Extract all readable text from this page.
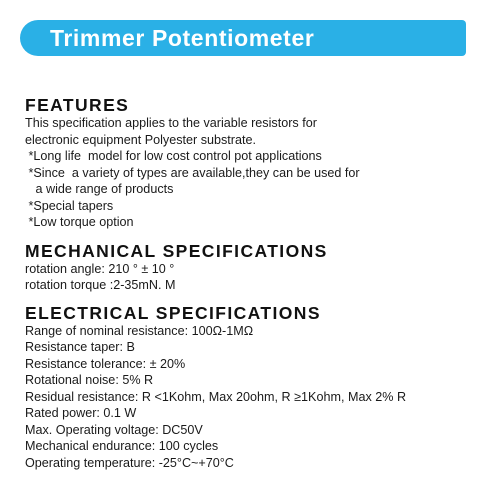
Trimmer Potentiometer

FEATURES

This specification applies to the variable resistors for

electronic equipment Polyester substrate.

*Long life  model for low cost control pot applications

*Since  a variety of types are available,they can be used for

a wide range of products

*Special tapers

*Low torque option

MECHANICAL SPECIFICATIONS

rotation angle: 210 ° ± 10 °

rotation torque :2-35mN. M

ELECTRICAL SPECIFICATIONS

Range of nominal resistance: 100Ω-1MΩ

Resistance taper: B

Resistance tolerance: ± 20%

Rotational noise: 5% R

Residual resistance: R <1Kohm, Max 20ohm, R ≥1Kohm, Max 2% R

Rated power: 0.1 W

Max. Operating voltage: DC50V

Mechanical endurance: 100 cycles

Operating temperature: -25°C~+70°C
